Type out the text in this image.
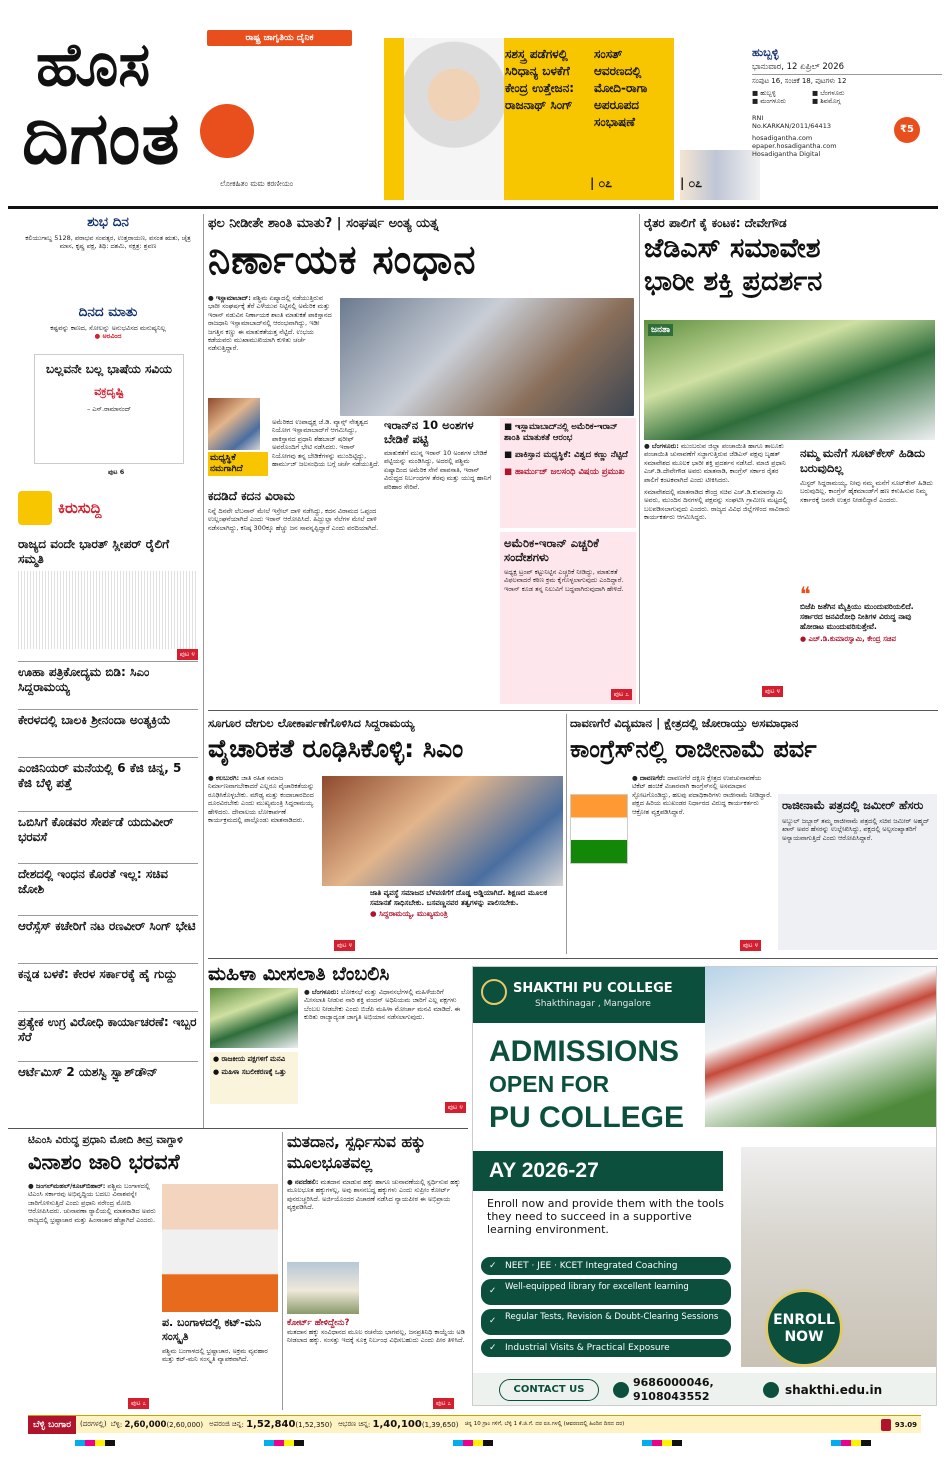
ರಾಷ್ಟ್ರ ಜಾಗೃತಿಯ ದೈನಿಕ
ಹೊಸ
ದಿಗಂತ
ಲೋಕಹಿತಂ ಮಮ ಕರಣೀಯಂ
ಸಶಸ್ತ್ರ ಪಡೆಗಳಲ್ಲಿ ಸಿರಿಧಾನ್ಯ ಬಳಕೆಗೆ ಕೇಂದ್ರ ಉತ್ತೇಜನ: ರಾಜನಾಥ್ ಸಿಂಗ್
| ೦೭
ಸಂಸತ್ ಆವರಣದಲ್ಲಿ ಮೋದಿ-ರಾಗಾ ಅಪರೂಪದ ಸಂಭಾಷಣೆ
| ೦೭
ಹುಬ್ಬಳ್ಳಿ
ಭಾನುವಾರ, 12 ಏಪ್ರಿಲ್ 2026
ಸಂಪುಟ 16, ಸಂಚಿಕೆ 18, ಪುಟಗಳು 12
■ ಹುಬ್ಬಳ್ಳಿ	■ ಬೆಂಗಳೂರು
■ ಮಂಗಳೂರು	■ ಶಿವಮೊಗ್ಗ
RNI No.KARKAN/2011/64413
hosadigantha.com
epaper.hosadigantha.com
Hosadigantha Digital
₹5
ಶುಭ ದಿನ
ಕಲಿಯುಗಾಬ್ದ 5128, ಪರಾಭವ ಸಂವತ್ಸರ, ಉತ್ತರಾಯಣ, ವಸಂತ ಋತು, ಚೈತ್ರ ಮಾಸ, ಕೃಷ್ಣ ಪಕ್ಷ, ತಿಥಿ: ದಶಮಿ, ನಕ್ಷತ್ರ: ಶ್ರವಣ
ದಿನದ ಮಾತು
ಕಷ್ಟವನ್ನು ಕಾಣದ, ಸೋಲನ್ನು ಅನುಭವಿಸದ ಮನುಷ್ಯನಿಲ್ಲ
● ಅರವಿಂದ
ಬಲ್ಲವನೇ ಬಲ್ಲ ಭಾಷೆಯ ಸವಿಯ
ವಕ್ರದೃಷ್ಟಿ
– ಎಸ್.ರಾಮಾನಂದ್
ಪುಟ 6
ಕಿರುಸುದ್ದಿ
ರಾಜ್ಯದ ವಂದೇ ಭಾರತ್ ಸ್ಲೀಪರ್ ರೈಲಿಗೆ ಸಮ್ಮತಿ
ಪುಟ ೪
ಊಹಾ ಪತ್ರಿಕೋದ್ಯಮ ಬಿಡಿ: ಸಿಎಂ ಸಿದ್ದರಾಮಯ್ಯ
ಕೇರಳದಲ್ಲಿ ಬಾಲಕಿ ಶ್ರೀನಂದಾ ಅಂತ್ಯಕ್ರಿಯೆ
ಎಂಜಿನಿಯರ್ ಮನೆಯಲ್ಲಿ 6 ಕೆಜಿ ಚಿನ್ನ, 5 ಕೆಜಿ ಬೆಳ್ಳಿ ಪತ್ತೆ
ಒಬಿಸಿಗೆ ಕೊಡವರ ಸೇರ್ಪಡೆ ಯದುವೀರ್ ಭರವಸೆ
ದೇಶದಲ್ಲಿ ಇಂಧನ ಕೊರತೆ ಇಲ್ಲ: ಸಚಿವ ಜೋಶಿ
ಆರೆಸ್ಸೆಸ್ ಕಚೇರಿಗೆ ನಟ ರಣವೀರ್ ಸಿಂಗ್ ಭೇಟಿ
ಕನ್ನಡ ಬಳಕೆ: ಕೇರಳ ಸರ್ಕಾರಕ್ಕೆ ಹೈ ಗುದ್ದು
ಪ್ರತ್ಯೇಕ ಉಗ್ರ ವಿರೋಧಿ ಕಾರ್ಯಾಚರಣೆ: ಇಬ್ಬರ ಸೆರೆ
ಆರ್ಟೆಮಿಸ್ 2 ಯಶಸ್ವಿ ಸ್ಪ್ಲಾಶ್‌ಡೌನ್
ಫಲ ನೀಡೀತೇ ಶಾಂತಿ ಮಾತು? | ಸಂಘರ್ಷ ಅಂತ್ಯ ಯತ್ನ
ನಿರ್ಣಾಯಕ ಸಂಧಾನ
● ಇಸ್ಲಾಮಾಬಾದ್: ಪಶ್ಚಿಮ ಏಷ್ಯಾದಲ್ಲಿ ನಡೆಯುತ್ತಿರುವ ಭಾರೀ ಸಂಘರ್ಷಕ್ಕೆ ತೆರೆ ಎಳೆಯುವ ನಿಟ್ಟಿನಲ್ಲಿ ಅಮೆರಿಕ ಮತ್ತು ಇರಾನ್ ನಡುವಿನ ನಿರ್ಣಾಯಕ ಶಾಂತಿ ಮಾತುಕತೆ ಪಾಕಿಸ್ತಾನದ ರಾಜಧಾನಿ ಇಸ್ಲಾಮಾಬಾದ್‌ನಲ್ಲಿ ಆರಂಭವಾಗಿದ್ದು, ಇಡೀ ಜಗತ್ತಿನ ಕಣ್ಣು ಈ ಮಾತುಕತೆಯತ್ತ ನೆಟ್ಟಿದೆ. ಉಭಯ ಕಡೆಯವರು ಮುಖಾಮುಖಿಯಾಗಿ ಕುಳಿತು ಚರ್ಚೆ ನಡೆಸುತ್ತಿದ್ದಾರೆ.
ಮಧ್ಯಸ್ಥಿಕೆ ನಮಗಾಗಿದೆ
ಅಮೆರಿಕದ ಉಪಾಧ್ಯಕ್ಷ ಜೆ.ಡಿ. ವ್ಯಾನ್ಸ್ ನೇತೃತ್ವದ ನಿಯೋಗ ಇಸ್ಲಾಮಾಬಾದ್‌ಗೆ ಆಗಮಿಸಿದ್ದು, ಪಾಕಿಸ್ತಾನದ ಪ್ರಧಾನಿ ಶೆಹಬಾಜ್ ಷರೀಫ್ ಅವರೊಂದಿಗೆ ಭೇಟಿ ನಡೆಸಿದರು. ಇರಾನ್ ನಿಯೋಗವು ತನ್ನ ಬೇಡಿಕೆಗಳನ್ನು ಮುಂದಿಟ್ಟಿದ್ದು, ಹಾರ್ಮುಜ್ ಜಲಸಂಧಿಯ ಬಗ್ಗೆ ಚರ್ಚೆ ನಡೆಯುತ್ತಿದೆ.
ಇರಾನ್‌ನ 10 ಅಂಶಗಳ ಬೇಡಿಕೆ ಪಟ್ಟಿ
ಮಾತುಕತೆಗೆ ಮುನ್ನ ಇರಾನ್ 10 ಅಂಶಗಳ ಬೇಡಿಕೆ ಪಟ್ಟಿಯನ್ನು ಮಂಡಿಸಿದ್ದು, ಅದರಲ್ಲಿ ಪಶ್ಚಿಮ ಏಷ್ಯಾದಿಂದ ಅಮೆರಿಕ ಸೇನೆ ವಾಪಸಾತಿ, ಇರಾನ್ ವಿರುದ್ಧದ ನಿರ್ಬಂಧಗಳ ತೆರವು ಮತ್ತು ಯುದ್ಧ ಹಾನಿಗೆ ಪರಿಹಾರ ಸೇರಿವೆ.
■ ಇಸ್ಲಾಮಾಬಾದ್‌ನಲ್ಲಿ ಅಮೆರಿಕ-ಇರಾನ್ ಶಾಂತಿ ಮಾತುಕತೆ ಆರಂಭ
■ ಪಾಕಿಸ್ತಾನ ಮಧ್ಯಸ್ಥಿಕೆ: ವಿಶ್ವದ ಕಣ್ಣು ನೆಟ್ಟಿದೆ
■ ಹಾರ್ಮುಜ್ ಜಲಸಂಧಿ ವಿಷಯ ಪ್ರಮುಖ
ಅಮೆರಿಕ-ಇರಾನ್ ಎಚ್ಚರಿಕೆ ಸಂದೇಶಗಳು
ಅಧ್ಯಕ್ಷ ಟ್ರಂಪ್ ಕಟ್ಟುನಿಟ್ಟಿನ ಎಚ್ಚರಿಕೆ ನೀಡಿದ್ದು, ಮಾತುಕತೆ ವಿಫಲವಾದರೆ ಕಠಿಣ ಕ್ರಮ ಕೈಗೊಳ್ಳಲಾಗುವುದು ಎಂದಿದ್ದಾರೆ. ಇರಾನ್ ಕೂಡ ತನ್ನ ನಿಲುವಿಗೆ ಬದ್ಧವಾಗಿರುವುದಾಗಿ ಹೇಳಿದೆ.
ಪುಟ ೭
ಕದಡಿದೆ ಕದನ ವಿರಾಮ
ನಿನ್ನೆ ದಿನವೇ ಲೆಬನಾನ್ ಮೇಲೆ ಇಸ್ರೇಲ್ ದಾಳಿ ನಡೆಸಿದ್ದು, ಕದನ ವಿರಾಮದ ಒಪ್ಪಂದ ಉಲ್ಲಂಘನೆಯಾಗಿದೆ ಎಂದು ಇರಾನ್ ಆರೋಪಿಸಿದೆ. ಹಿಜ್ಬುಲ್ಲಾ ನೆಲೆಗಳ ಮೇಲೆ ದಾಳಿ ನಡೆಸಲಾಗಿದ್ದು, ಕನಿಷ್ಠ 300ಕ್ಕೂ ಹೆಚ್ಚು ಜನ ಸಾವನ್ನಪ್ಪಿದ್ದಾರೆ ಎಂದು ವರದಿಯಾಗಿದೆ.
ರೈತರ ಪಾಲಿಗೆ ಕೈ ಕಂಟಕ: ದೇವೇಗೌಡ
ಜೆಡಿಎಸ್ ಸಮಾವೇಶ
ಭಾರೀ ಶಕ್ತಿ ಪ್ರದರ್ಶನ
ಜನತಾ
● ಬೆಂಗಳೂರು: ಮುಂಬರುವ ಜಿಲ್ಲಾ ಪಂಚಾಯಿತಿ ಹಾಗೂ ತಾಲೂಕು ಪಂಚಾಯಿತಿ ಚುನಾವಣೆಗೆ ಸಜ್ಜಾಗುತ್ತಿರುವ ಜೆಡಿಎಸ್ ಪಕ್ಷವು ಬೃಹತ್ ಸಮಾವೇಶದ ಮೂಲಕ ಭಾರೀ ಶಕ್ತಿ ಪ್ರದರ್ಶನ ನಡೆಸಿದೆ. ಮಾಜಿ ಪ್ರಧಾನಿ ಎಚ್.ಡಿ.ದೇವೇಗೌಡ ಅವರು ಮಾತನಾಡಿ, ಕಾಂಗ್ರೆಸ್ ಸರ್ಕಾರ ರೈತರ ಪಾಲಿಗೆ ಕಂಟಕವಾಗಿದೆ ಎಂದು ಟೀಕಿಸಿದರು.
ಸಮಾವೇಶದಲ್ಲಿ ಮಾತನಾಡಿದ ಕೇಂದ್ರ ಸಚಿವ ಎಚ್.ಡಿ.ಕುಮಾರಸ್ವಾಮಿ ಅವರು, ಮುಂದಿನ ದಿನಗಳಲ್ಲಿ ಪಕ್ಷವನ್ನು ಸಂಘಟಿಸಿ ಗ್ರಾಮೀಣ ಮಟ್ಟದಲ್ಲಿ ಬಲಪಡಿಸಲಾಗುವುದು ಎಂದರು. ರಾಜ್ಯದ ವಿವಿಧ ಜಿಲ್ಲೆಗಳಿಂದ ಸಾವಿರಾರು ಕಾರ್ಯಕರ್ತರು ಆಗಮಿಸಿದ್ದರು.
ನಮ್ಮ ಮನೆಗೆ ಸೂಟ್‌ಕೇಸ್ ಹಿಡಿದು ಬರುವುದಿಲ್ಲ
ಮಿಸ್ಟರ್ ಸಿದ್ದರಾಮಯ್ಯ, ನೀವು ನಮ್ಮ ಮನೆಗೆ ಸೂಟ್‌ಕೇಸ್ ಹಿಡಿದು ಬರುವುದಿಲ್ಲ. ಕಾಂಗ್ರೆಸ್ ಹೈಕಮಾಂಡ್‌ಗೆ ಹಣ ಕಳುಹಿಸುವ ನಿಮ್ಮ ಸರ್ಕಾರಕ್ಕೆ ಜನರೇ ಉತ್ತರ ನೀಡಲಿದ್ದಾರೆ ಎಂದರು.
❝
ಬಿಜೆಪಿ ಜತೆಗಿನ ಮೈತ್ರಿಯು ಮುಂದುವರಿಯಲಿದೆ. ಸರ್ಕಾರದ ಜನವಿರೋಧಿ ನೀತಿಗಳ ವಿರುದ್ಧ ನಾವು ಹೋರಾಟ ಮುಂದುವರಿಸುತ್ತೇವೆ.
● ಎಚ್.ಡಿ.ಕುಮಾರಸ್ವಾಮಿ, ಕೇಂದ್ರ ಸಚಿವ
ಪುಟ ೪
ಸೂಗೂರ ದೇಗುಲ ಲೋಕಾರ್ಪಣೆಗೊಳಿಸಿದ ಸಿದ್ದರಾಮಯ್ಯ
ವೈಚಾರಿಕತೆ ರೂಢಿಸಿಕೊಳ್ಳಿ: ಸಿಎಂ
● ಕಲಬುರಗಿ: ಜಾತಿ ರಹಿತ ಸಮಾಜ ನಿರ್ಮಾಣವಾಗಬೇಕಾದರೆ ಎಲ್ಲರೂ ವೈಚಾರಿಕತೆಯನ್ನು ರೂಢಿಸಿಕೊಳ್ಳಬೇಕು. ಮೌಢ್ಯ ಮತ್ತು ಕಂದಾಚಾರದಿಂದ ದೂರವಿರಬೇಕು ಎಂದು ಮುಖ್ಯಮಂತ್ರಿ ಸಿದ್ದರಾಮಯ್ಯ ಹೇಳಿದರು. ದೇವಾಲಯ ಲೋಕಾರ್ಪಣೆ ಕಾರ್ಯಕ್ರಮದಲ್ಲಿ ಪಾಲ್ಗೊಂಡು ಮಾತನಾಡಿದರು.
ಜಾತಿ ವ್ಯವಸ್ಥೆ ಸಮಾಜದ ಬೆಳವಣಿಗೆಗೆ ದೊಡ್ಡ ಅಡ್ಡಿಯಾಗಿದೆ. ಶಿಕ್ಷಣದ ಮೂಲಕ ಸಮಾನತೆ ಸಾಧಿಸಬೇಕು. ಬಸವಣ್ಣನವರ ತತ್ವಗಳನ್ನು ಪಾಲಿಸಬೇಕು.
● ಸಿದ್ದರಾಮಯ್ಯ, ಮುಖ್ಯಮಂತ್ರಿ
ಪುಟ ೪
ದಾವಣಗೆರೆ ವಿದ್ಯಮಾನ | ಕ್ಷೇತ್ರದಲ್ಲಿ ಜೋರಾಯ್ತು ಅಸಮಾಧಾನ
ಕಾಂಗ್ರೆಸ್‌ನಲ್ಲಿ ರಾಜೀನಾಮೆ ಪರ್ವ
● ದಾವಣಗೆರೆ: ದಾವಣಗೆರೆ ದಕ್ಷಿಣ ಕ್ಷೇತ್ರದ ಉಪಚುನಾವಣೆಯ ಟಿಕೆಟ್ ಹಂಚಿಕೆ ವಿಚಾರವಾಗಿ ಕಾಂಗ್ರೆಸ್‌ನಲ್ಲಿ ಅಸಮಾಧಾನ ಸ್ಫೋಟಗೊಂಡಿದ್ದು, ಹಲವು ಪದಾಧಿಕಾರಿಗಳು ರಾಜೀನಾಮೆ ನೀಡಿದ್ದಾರೆ. ಪಕ್ಷದ ಹಿರಿಯ ಮುಖಂಡರ ನಿರ್ಧಾರದ ವಿರುದ್ಧ ಕಾರ್ಯಕರ್ತರು ಆಕ್ರೋಶ ವ್ಯಕ್ತಪಡಿಸಿದ್ದಾರೆ.	ರಾಜೀನಾಮೆ ಪತ್ರದಲ್ಲಿ ಜಮೀರ್ ಹೆಸರು
ಅಬ್ದುಲ್ ಜಬ್ಬಾರ್ ತಮ್ಮ ರಾಜೀನಾಮೆ ಪತ್ರದಲ್ಲಿ ಸಚಿವ ಜಮೀರ್ ಅಹ್ಮದ್ ಖಾನ್ ಅವರ ಹೆಸರನ್ನು ಉಲ್ಲೇಖಿಸಿದ್ದು, ಪಕ್ಷದಲ್ಲಿ ಅಲ್ಪಸಂಖ್ಯಾತರಿಗೆ ಅನ್ಯಾಯವಾಗುತ್ತಿದೆ ಎಂದು ಆರೋಪಿಸಿದ್ದಾರೆ.
ಪುಟ ೪
ಮಹಿಳಾ ಮೀಸಲಾತಿ ಬೆಂಬಲಿಸಿ
● ರಾಜಕೀಯ ಪಕ್ಷಗಳಿಗೆ ಮನವಿ
● ಮಹಿಳಾ ಸಬಲೀಕರಣಕ್ಕೆ ಒತ್ತು
● ಬೆಂಗಳೂರು: ಲೋಕಸಭೆ ಮತ್ತು ವಿಧಾನಸಭೆಗಳಲ್ಲಿ ಮಹಿಳೆಯರಿಗೆ ಮೀಸಲಾತಿ ನೀಡುವ ನಾರಿ ಶಕ್ತಿ ವಂದನ್ ಅಧಿನಿಯಮ ಜಾರಿಗೆ ಎಲ್ಲ ಪಕ್ಷಗಳು ಬೆಂಬಲ ನೀಡಬೇಕು ಎಂದು ಬಿಜೆಪಿ ಮಹಿಳಾ ಮೋರ್ಚಾ ಮನವಿ ಮಾಡಿದೆ. ಈ ಕುರಿತು ರಾಜ್ಯಾದ್ಯಂತ ಜಾಗೃತಿ ಅಭಿಯಾನ ನಡೆಸಲಾಗುವುದು.
ಪುಟ ೪
SHAKTHI PU COLLEGE
Shakthinagar , Mangalore
ADMISSIONS
OPEN FOR
PU COLLEGE
AY 2026-27
Enroll now and provide them with the tools they need to succeed in a supportive learning environment.
✓ NEET · JEE · KCET Integrated Coaching
✓ Well-equipped library for excellent learning
✓ Regular Tests, Revision & Doubt-Clearing Sessions
✓ Industrial Visits & Practical Exposure
ENROLL NOW
CONTACT US
9686000046, 9108043552	shakthi.edu.in
ಟಿಎಂಸಿ ವಿರುದ್ಧ ಪ್ರಧಾನಿ ಮೋದಿ ತೀವ್ರ ವಾಗ್ದಾಳಿ
ವಿನಾಶಂ ಜಾರಿ ಭರವಸೆ
● ಜಂಗಲ್‌ಮಹಲ್/ಕೂಚ್‌ಬಿಹಾರ್: ಪಶ್ಚಿಮ ಬಂಗಾಳದಲ್ಲಿ ಟಿಎಂಸಿ ಸರ್ಕಾರವು ಅಭಿವೃದ್ಧಿಯ ಬದಲು ವಿನಾಶವನ್ನೇ ಜಾರಿಗೊಳಿಸುತ್ತಿದೆ ಎಂದು ಪ್ರಧಾನಿ ನರೇಂದ್ರ ಮೋದಿ ಆರೋಪಿಸಿದರು. ಚುನಾವಣಾ ರ‍್ಯಾಲಿಯಲ್ಲಿ ಮಾತನಾಡಿದ ಅವರು ರಾಜ್ಯದಲ್ಲಿ ಭ್ರಷ್ಟಾಚಾರ ಮತ್ತು ಹಿಂಸಾಚಾರ ಹೆಚ್ಚಾಗಿದೆ ಎಂದರು.
ಪ. ಬಂಗಾಳದಲ್ಲಿ ಕಟ್-ಮನಿ ಸಂಸ್ಕೃತಿ
ಪಶ್ಚಿಮ ಬಂಗಾಳದಲ್ಲಿ ಭ್ರಷ್ಟಾಚಾರ, ಅಕ್ರಮ ವ್ಯವಹಾರ ಮತ್ತು ಕಟ್-ಮನಿ ಸಂಸ್ಕೃತಿ ವ್ಯಾಪಕವಾಗಿದೆ.
ಪುಟ ೭
ಮತದಾನ, ಸ್ಪರ್ಧಿಸುವ ಹಕ್ಕು ಮೂಲಭೂತವಲ್ಲ
● ನವದೆಹಲಿ: ಮತದಾನ ಮಾಡುವ ಹಕ್ಕು ಹಾಗೂ ಚುನಾವಣೆಯಲ್ಲಿ ಸ್ಪರ್ಧಿಸುವ ಹಕ್ಕು ಮೂಲಭೂತ ಹಕ್ಕುಗಳಲ್ಲ, ಅವು ಶಾಸನಬದ್ಧ ಹಕ್ಕುಗಳು ಎಂದು ಸುಪ್ರೀಂ ಕೋರ್ಟ್ ಪುನರುಚ್ಚರಿಸಿದೆ. ಅರ್ಜಿಯೊಂದರ ವಿಚಾರಣೆ ನಡೆಸಿದ ನ್ಯಾಯಪೀಠ ಈ ಅಭಿಪ್ರಾಯ ವ್ಯಕ್ತಪಡಿಸಿದೆ.
ಕೋರ್ಟ್ ಹೇಳಿದ್ದೇನು?
ಮತದಾನ ಹಕ್ಕು ಸಂವಿಧಾನದ ಮೂಲ ರಚನೆಯ ಭಾಗವಲ್ಲ, ಜನಪ್ರತಿನಿಧಿ ಕಾಯ್ದೆಯ ಅಡಿ ನೀಡಲಾದ ಹಕ್ಕು. ಸಂಸತ್ತು ಇದಕ್ಕೆ ಸೂಕ್ತ ನಿರ್ಬಂಧ ವಿಧಿಸಬಹುದು ಎಂದು ಪೀಠ ತಿಳಿಸಿದೆ.
ಪುಟ ೭
ಬೆಳ್ಳಿ ಬಂಗಾರ	(ದರಗಳಲ್ಲಿ) ಬೆಳ್ಳಿ : 2,60,000 (2,60,000) ಅಪರಂಜಿ ಚಿನ್ನ : 1,52,840 (1,52,350) ಆಭರಣ ಚಿನ್ನ : 1,40,100 (1,39,650) ಚಿನ್ನ 10 ಗ್ರಾಂ ಗಳಿಗೆ, ಬೆಳ್ಳಿ 1 ಕೆ.ಜಿ.ಗೆ. ದರ ರೂ.ಗಳಲ್ಲಿ (ಆವರಣದಲ್ಲಿ ಹಿಂದಿನ ದಿನದ ದರ)	93.09
